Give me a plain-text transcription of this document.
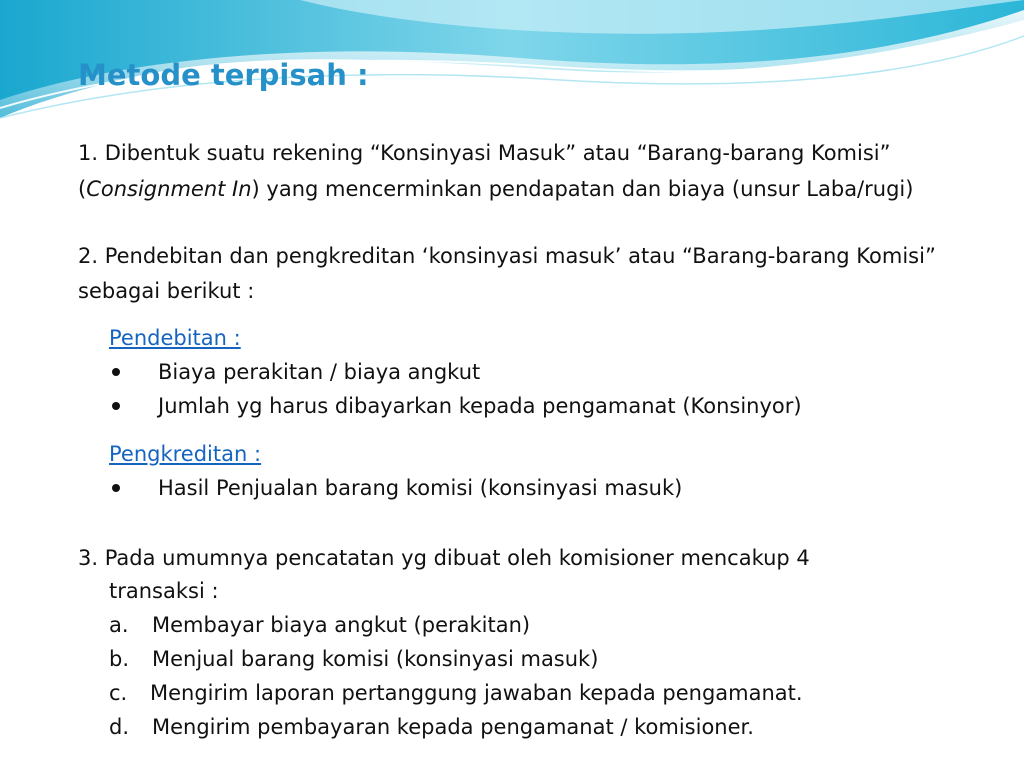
Metode terpisah :

1. Dibentuk suatu rekening “Konsinyasi Masuk” atau “Barang-barang Komisi”

(Consignment In) yang mencerminkan pendapatan dan biaya (unsur Laba/rugi)

2. Pendebitan dan pengkreditan ‘konsinyasi masuk’ atau “Barang-barang Komisi”

sebagai berikut :

Pendebitan :

Biaya perakitan / biaya angkut

Jumlah yg harus dibayarkan kepada pengamanat (Konsinyor)

Pengkreditan :

Hasil Penjualan barang komisi (konsinyasi masuk)

3. Pada umumnya pencatatan yg dibuat oleh komisioner mencakup 4

transaksi :

a. Membayar biaya angkut (perakitan)

b. Menjual barang komisi (konsinyasi masuk)

c. Mengirim laporan pertanggung jawaban kepada pengamanat.

d. Mengirim pembayaran kepada pengamanat / komisioner.
